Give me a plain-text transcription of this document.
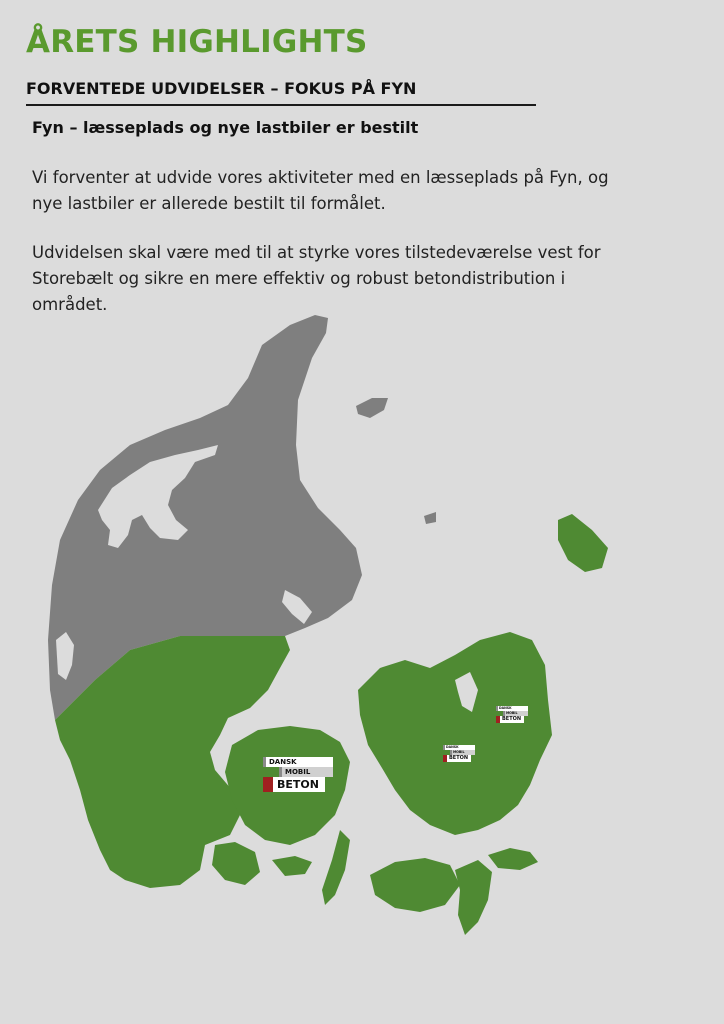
ÅRETS HIGHLIGHTS
FORVENTEDE UDVIDELSER – FOKUS PÅ FYN
Fyn – læsseplads og nye lastbiler er bestilt

Vi forventer at udvide vores aktiviteter med en læsseplads på Fyn, og nye lastbiler er allerede bestilt til formålet.

Udvidelsen skal være med til at styrke vores tilstedeværelse vest for Storebælt og sikre en mere effektiv og robust betondistribution i området.

DANSK
MOBIL
BETON
DANSK
MOBIL
BETON
DANSK
MOBIL
BETON
